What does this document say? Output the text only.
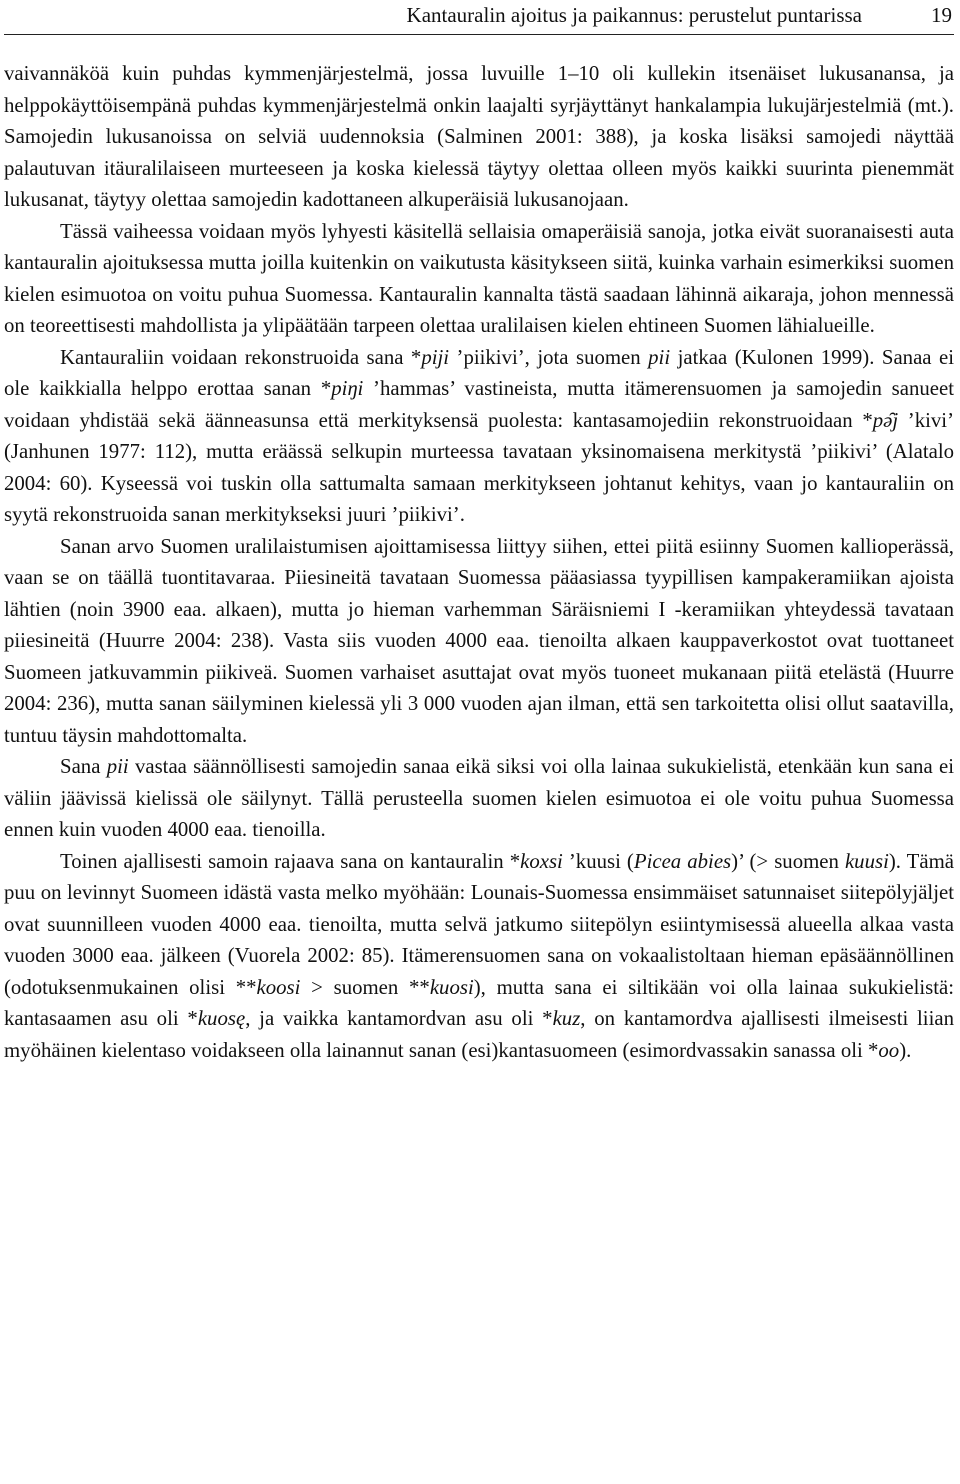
Kantauralin ajoitus ja paikannus: perustelut puntarissa	19

vaivannäköä kuin puhdas kymmenjärjestelmä, jossa luvuille 1–10 oli kullekin itsenäiset lukusanansa, ja helppokäyttöisempänä puhdas kymmenjärjestelmä onkin laajalti syrjäyttänyt hankalampia lukujärjestelmiä (mt.). Samojedin lukusanoissa on selviä uudennoksia (Salminen 2001: 388), ja koska lisäksi samojedi näyttää palautuvan itäuralilaiseen murteeseen ja koska kielessä täytyy olettaa olleen myös kaikki suurinta pienemmät lukusanat, täytyy olettaa samojedin kadottaneen alkuperäisiä lukusanojaan.
Tässä vaiheessa voidaan myös lyhyesti käsitellä sellaisia omaperäisiä sanoja, jotka eivät suoranaisesti auta kantauralin ajoituksessa mutta joilla kuitenkin on vaikutusta käsitykseen siitä, kuinka varhain esimerkiksi suomen kielen esimuotoa on voitu puhua Suomessa. Kantauralin kannalta tästä saadaan lähinnä aikaraja, johon mennessä on teoreettisesti mahdollista ja ylipäätään tarpeen olettaa uralilaisen kielen ehtineen Suomen lähialueille.

Kantauraliin voidaan rekonstruoida sana *piji ’piikivi’, jota suomen pii jatkaa (Kulonen 1999). Sanaa ei ole kaikkialla helppo erottaa sanan *piŋi ’hammas’ vastineista, mutta itämerensuomen ja samojedin sanueet voidaan yhdistää sekä äänneasunsa että merkityksensä puolesta: kantasamojediin rekonstruoidaan *pə̑j ’kivi’ (Janhunen 1977: 112), mutta eräässä selkupin murteessa tavataan yksinomaisena merkitystä ’piikivi’ (Alatalo 2004: 60). Kyseessä voi tuskin olla sattumalta samaan merkitykseen johtanut kehitys, vaan jo kantauraliin on syytä rekonstruoida sanan merkitykseksi juuri ’piikivi’.

Sanan arvo Suomen uralilaistumisen ajoittamisessa liittyy siihen, ettei piitä esiinny Suomen kallioperässä, vaan se on täällä tuontitavaraa. Piiesineitä tavataan Suomessa pääasiassa tyypillisen kampakeramiikan ajoista lähtien (noin 3900 eaa. alkaen), mutta jo hieman varhemman Säräisniemi I -keramiikan yhteydessä tavataan piiesineitä (Huurre 2004: 238). Vasta siis vuoden 4000 eaa. tienoilta alkaen kauppaverkostot ovat tuottaneet Suomeen jatkuvammin piikiveä. Suomen varhaiset asuttajat ovat myös tuoneet mukanaan piitä etelästä (Huurre 2004: 236), mutta sanan säilyminen kielessä yli 3 000 vuoden ajan ilman, että sen tarkoitetta olisi ollut saatavilla, tuntuu täysin mahdottomalta.

Sana pii vastaa säännöllisesti samojedin sanaa eikä siksi voi olla lainaa sukukielistä, etenkään kun sana ei väliin jäävissä kielissä ole säilynyt. Tällä perusteella suomen kielen esimuotoa ei ole voitu puhua Suomessa ennen kuin vuoden 4000 eaa. tienoilla.

Toinen ajallisesti samoin rajaava sana on kantauralin *koxsi ’kuusi (Picea abies)’ (> suomen kuusi). Tämä puu on levinnyt Suomeen idästä vasta melko myöhään: Lounais-Suomessa ensimmäiset satunnaiset siitepölyjäljet ovat suunnilleen vuoden 4000 eaa. tienoilta, mutta selvä jatkumo siitepölyn esiintymisessä alueella alkaa vasta vuoden 3000 eaa. jälkeen (Vuorela 2002: 85). Itämerensuomen sana on vokaalistoltaan hieman epäsäännöllinen (odotuksenmukainen olisi **koosi > suomen **kuosi), mutta sana ei siltikään voi olla lainaa sukukielistä: kantasaamen asu oli *kuosę, ja vaikka kantamordvan asu oli *kuz, on kantamordva ajallisesti ilmeisesti liian myöhäinen kielentaso voidakseen olla lainannut sanan (esi)kantasuomeen (esimordvassakin sanassa oli *oo).
